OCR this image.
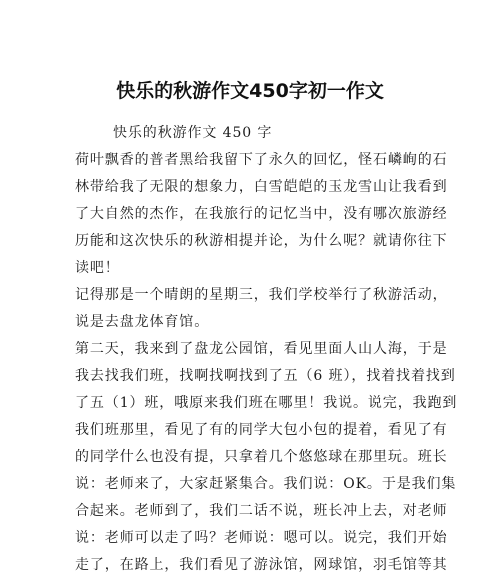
快乐的秋游作文450字初一作文
快乐的秋游作文 450 字
荷叶飘香的普者黑给我留下了永久的回忆，怪石嶙峋的石
林带给我了无限的想象力，白雪皑皑的玉龙雪山让我看到
了大自然的杰作，在我旅行的记忆当中，没有哪次旅游经
历能和这次快乐的秋游相提并论，为什么呢？就请你往下
读吧！
记得那是一个晴朗的星期三，我们学校举行了秋游活动，
说是去盘龙体育馆。
第二天，我来到了盘龙公园馆，看见里面人山人海，于是
我去找我们班，找啊找啊找到了五（6 班），找着找着找到
了五（1）班，哦原来我们班在哪里！我说。说完，我跑到
我们班那里，看见了有的同学大包小包的提着，看见了有
的同学什么也没有提，只拿着几个悠悠球在那里玩。班长
说：老师来了，大家赶紧集合。我们说：OK。于是我们集
合起来。老师到了，我们二话不说，班长冲上去，对老师
说：老师可以走了吗？老师说：嗯可以。说完，我们开始
走了，在路上，我们看见了游泳馆，网球馆，羽毛馆等其
